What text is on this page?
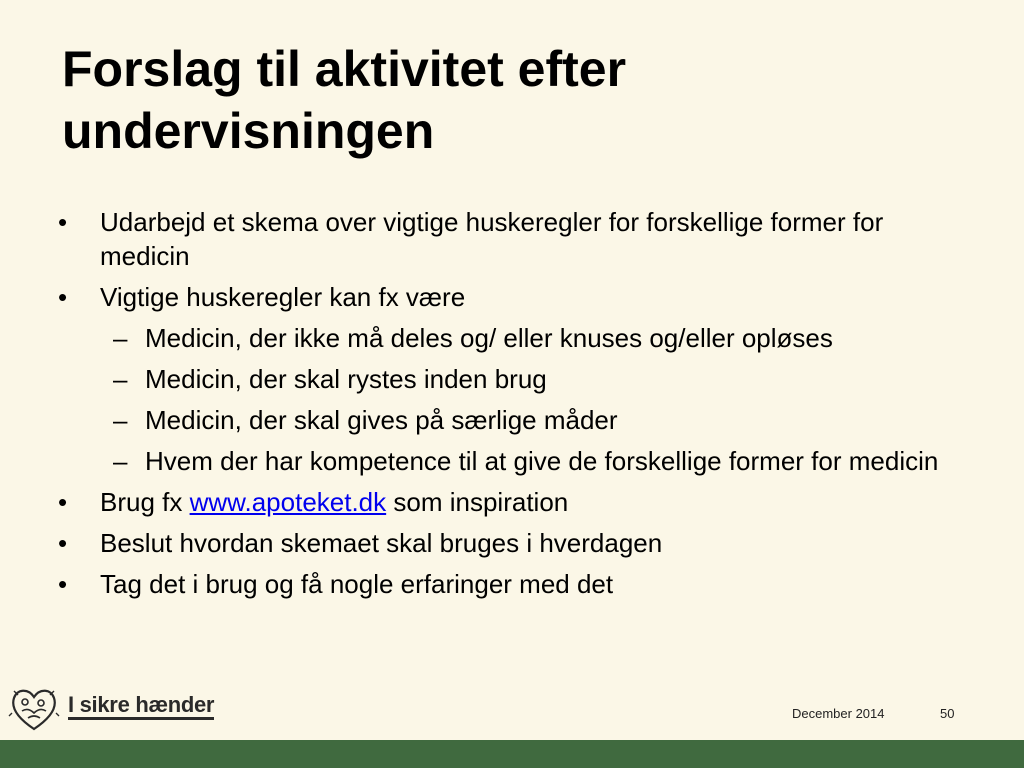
Forslag til aktivitet efter undervisningen
• Udarbejd et skema over vigtige huskeregler for forskellige former for medicin
• Vigtige huskeregler kan fx være
– Medicin, der ikke må deles og/ eller knuses og/eller opløses
– Medicin, der skal rystes inden brug
– Medicin, der skal gives på særlige måder
– Hvem der har kompetence til at give de forskellige former for medicin
• Brug fx www.apoteket.dk som inspiration
• Beslut hvordan skemaet skal bruges i hverdagen
• Tag det i brug og få nogle erfaringer med det
I sikre hænder	December 2014	50
